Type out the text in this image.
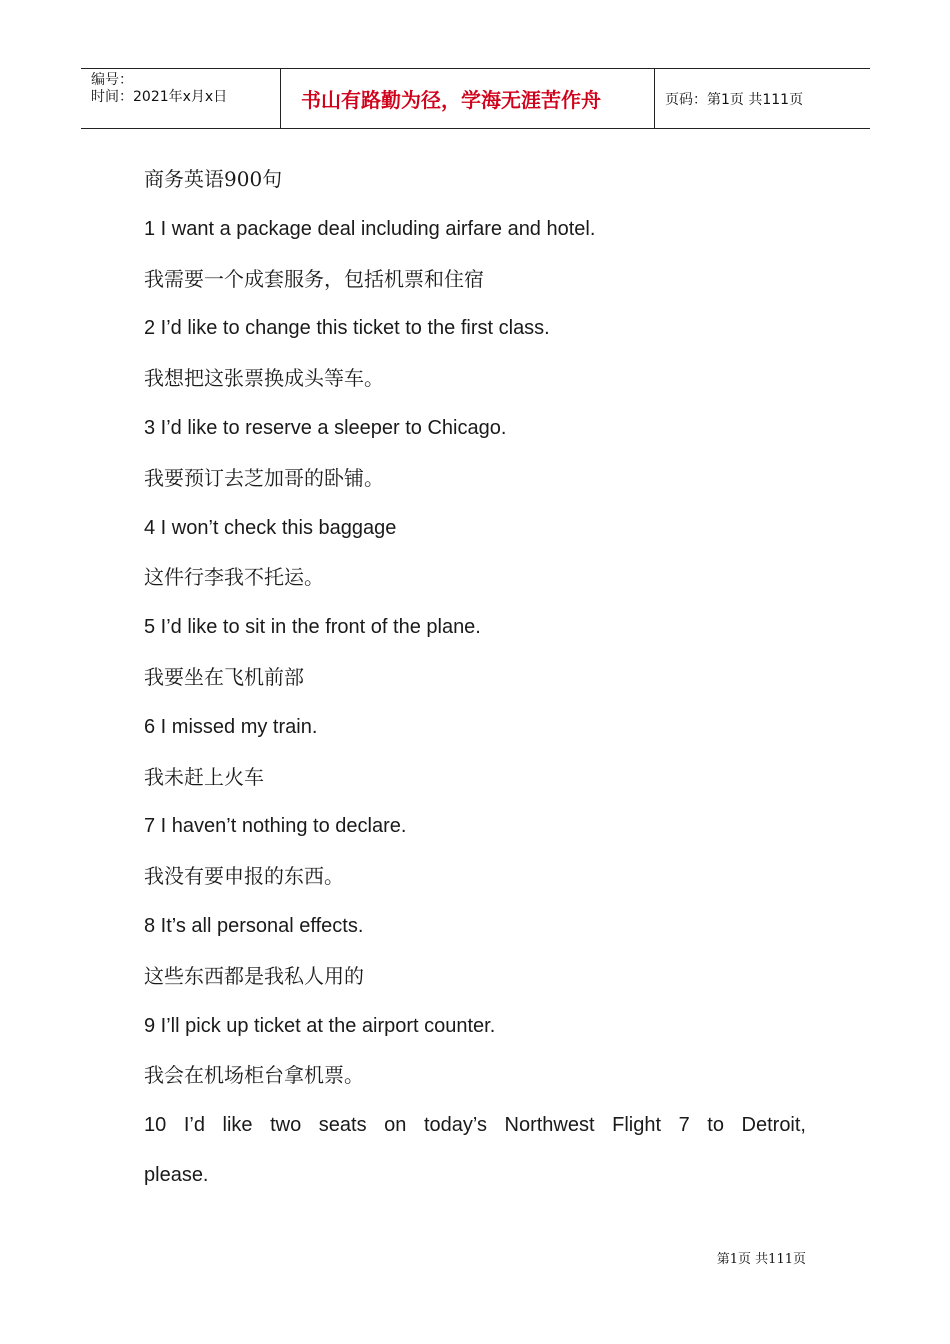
编号：
时间：2021年x月x日	书山有路勤为径，学海无涯苦作舟	页码：第1页 共111页

商务英语900句

1 I want a package deal including airfare and hotel.

我需要一个成套服务，包括机票和住宿

2 I’d like to change this ticket to the first class.

我想把这张票换成头等车。

3 I’d like to reserve a sleeper to Chicago.

我要预订去芝加哥的卧铺。

4 I won’t check this baggage

这件行李我不托运。

5 I’d like to sit in the front of the plane.

我要坐在飞机前部

6 I missed my train.

我未赶上火车

7 I haven’t nothing to declare.

我没有要申报的东西。

8 It’s all personal effects.

这些东西都是我私人用的

9 I’ll pick up ticket at the airport counter.

我会在机场柜台拿机票。

10 I’d like two seats on today’s Northwest Flight 7 to Detroit,

please.

第1页 共111页
